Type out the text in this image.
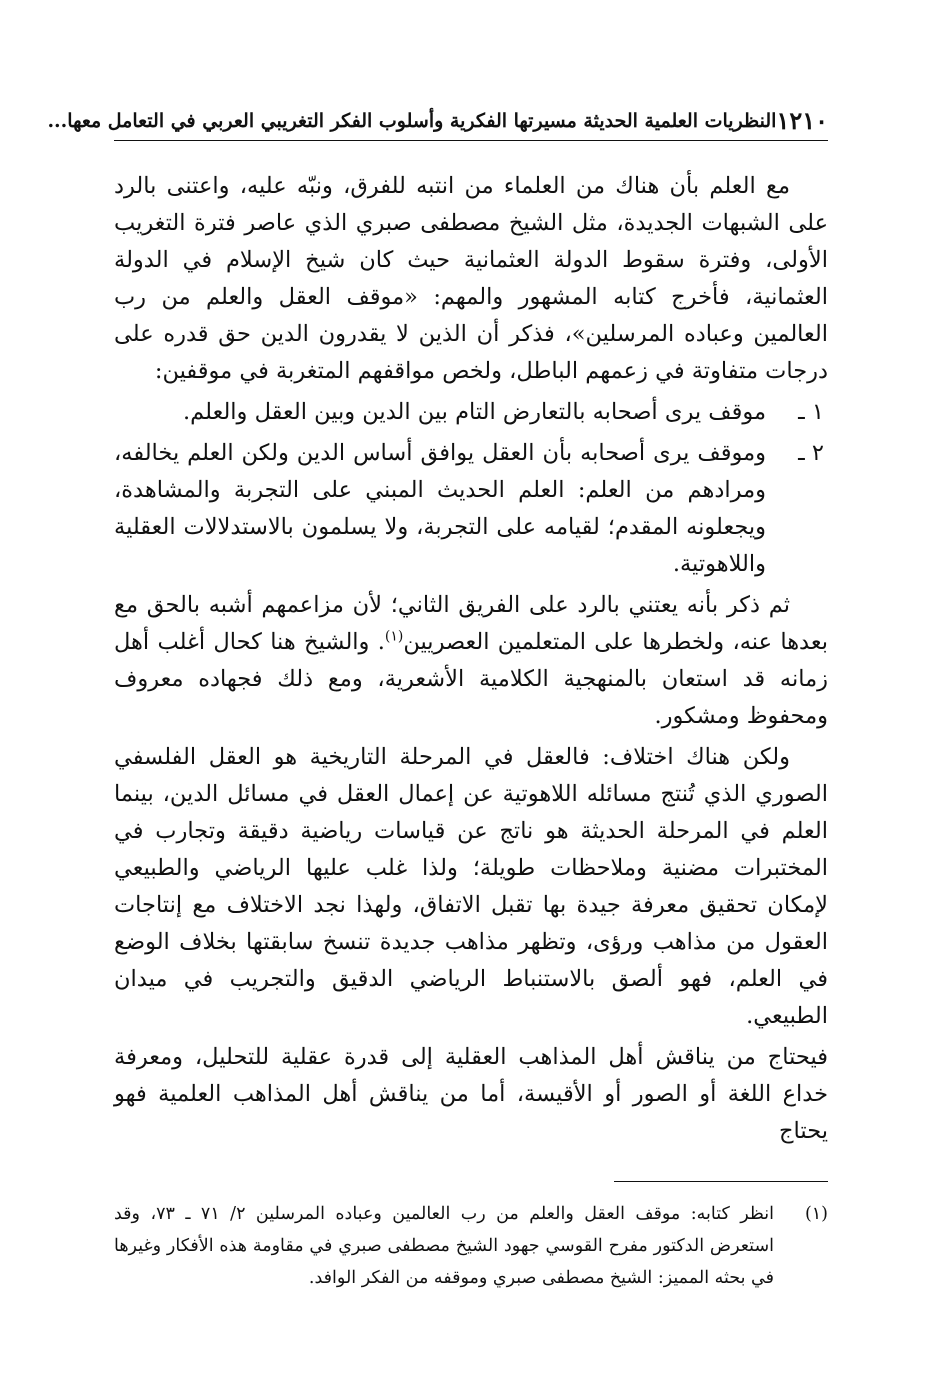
١٢١٠
النظريات العلمية الحديثة مسيرتها الفكرية وأسلوب الفكر التغريبي العربي في التعامل معها...

مع العلم بأن هناك من العلماء من انتبه للفرق، ونبّه عليه، واعتنى بالرد على الشبهات الجديدة، مثل الشيخ مصطفى صبري الذي عاصر فترة التغريب الأولى، وفترة سقوط الدولة العثمانية حيث كان شيخ الإسلام في الدولة العثمانية، فأخرج كتابه المشهور والمهم: «موقف العقل والعلم من رب العالمين وعباده المرسلين»، فذكر أن الذين لا يقدرون الدين حق قدره على درجات متفاوتة في زعمهم الباطل، ولخص مواقفهم المتغربة في موقفين:

١ ـ
موقف يرى أصحابه بالتعارض التام بين الدين وبين العقل والعلم.
٢ ـ
وموقف يرى أصحابه بأن العقل يوافق أساس الدين ولكن العلم يخالفه، ومرادهم من العلم: العلم الحديث المبني على التجربة والمشاهدة، ويجعلونه المقدم؛ لقيامه على التجربة، ولا يسلمون بالاستدلالات العقلية واللاهوتية.

ثم ذكر بأنه يعتني بالرد على الفريق الثاني؛ لأن مزاعمهم أشبه بالحق مع بعدها عنه، ولخطرها على المتعلمين العصريين$^{(١)}$. والشيخ هنا كحال أغلب أهل زمانه قد استعان بالمنهجية الكلامية الأشعرية، ومع ذلك فجهاده معروف ومحفوظ ومشكور.

ولكن هناك اختلاف: فالعقل في المرحلة التاريخية هو العقل الفلسفي الصوري الذي تُنتج مسائله اللاهوتية عن إعمال العقل في مسائل الدين، بينما العلم في المرحلة الحديثة هو ناتج عن قياسات رياضية دقيقة وتجارب في المختبرات مضنية وملاحظات طويلة؛ ولذا غلب عليها الرياضي والطبيعي لإمكان تحقيق معرفة جيدة بها تقبل الاتفاق، ولهذا نجد الاختلاف مع إنتاجات العقول من مذاهب ورؤى، وتظهر مذاهب جديدة تنسخ سابقتها بخلاف الوضع في العلم، فهو ألصق بالاستنباط الرياضي الدقيق والتجريب في ميدان الطبيعي.

فيحتاج من يناقش أهل المذاهب العقلية إلى قدرة عقلية للتحليل، ومعرفة خداع اللغة أو الصور أو الأقيسة، أما من يناقش أهل المذاهب العلمية فهو يحتاج

(١)
انظر كتابه: موقف العقل والعلم من رب العالمين وعباده المرسلين ٢/ ٧١ ـ ٧٣، وقد استعرض الدكتور مفرح القوسي جهود الشيخ مصطفى صبري في مقاومة هذه الأفكار وغيرها في بحثه المميز: الشيخ مصطفى صبري وموقفه من الفكر الوافد.
